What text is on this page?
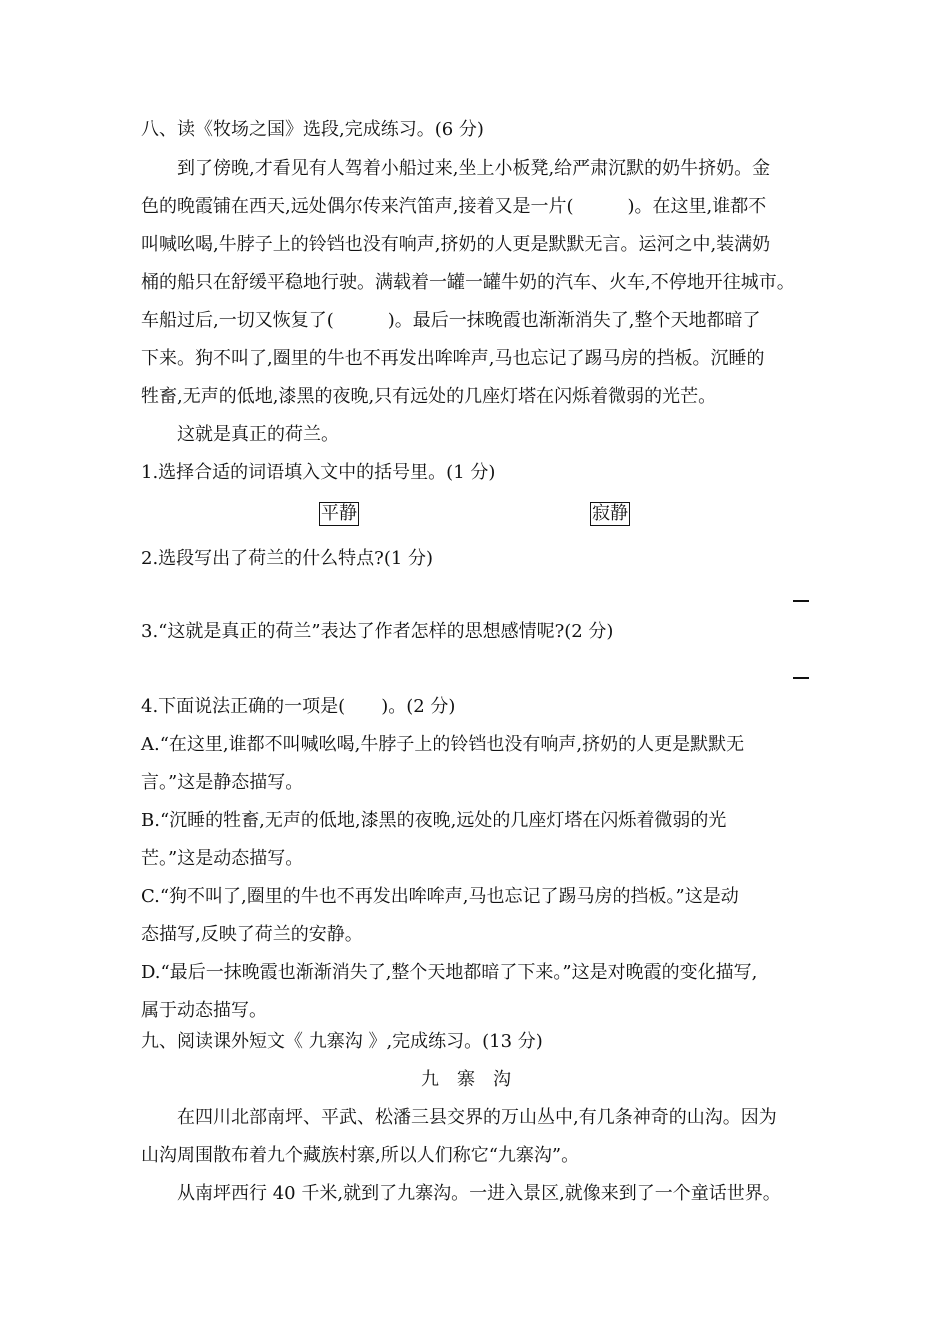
八、读《牧场之国》选段,完成练习。(6 分)
　　到了傍晚,才看见有人驾着小船过来,坐上小板凳,给严肃沉默的奶牛挤奶。金
色的晚霞铺在西天,远处偶尔传来汽笛声,接着又是一片(　　　)。在这里,谁都不
叫喊吆喝,牛脖子上的铃铛也没有响声,挤奶的人更是默默无言。运河之中,装满奶
桶的船只在舒缓平稳地行驶。满载着一罐一罐牛奶的汽车、火车,不停地开往城市。
车船过后,一切又恢复了(　　　)。最后一抹晚霞也渐渐消失了,整个天地都暗了
下来。狗不叫了,圈里的牛也不再发出哞哞声,马也忘记了踢马房的挡板。沉睡的
牲畜,无声的低地,漆黑的夜晚,只有远处的几座灯塔在闪烁着微弱的光芒。
　　这就是真正的荷兰。
1.选择合适的词语填入文中的括号里。(1 分)
平静	寂静
2.选段写出了荷兰的什么特点?(1 分)
3.“这就是真正的荷兰”表达了作者怎样的思想感情呢?(2 分)
4.下面说法正确的一项是(　　)。(2 分)
A.“在这里,谁都不叫喊吆喝,牛脖子上的铃铛也没有响声,挤奶的人更是默默无
言。”这是静态描写。
B.“沉睡的牲畜,无声的低地,漆黑的夜晚,远处的几座灯塔在闪烁着微弱的光
芒。”这是动态描写。
C.“狗不叫了,圈里的牛也不再发出哞哞声,马也忘记了踢马房的挡板。”这是动
态描写,反映了荷兰的安静。
D.“最后一抹晚霞也渐渐消失了,整个天地都暗了下来。”这是对晚霞的变化描写,
属于动态描写。
九、阅读课外短文《 九寨沟 》,完成练习。(13 分)
九寨沟
　　在四川北部南坪、平武、松潘三县交界的万山丛中,有几条神奇的山沟。因为
山沟周围散布着九个藏族村寨,所以人们称它“九寨沟”。
　　从南坪西行 40 千米,就到了九寨沟。一进入景区,就像来到了一个童话世界。
